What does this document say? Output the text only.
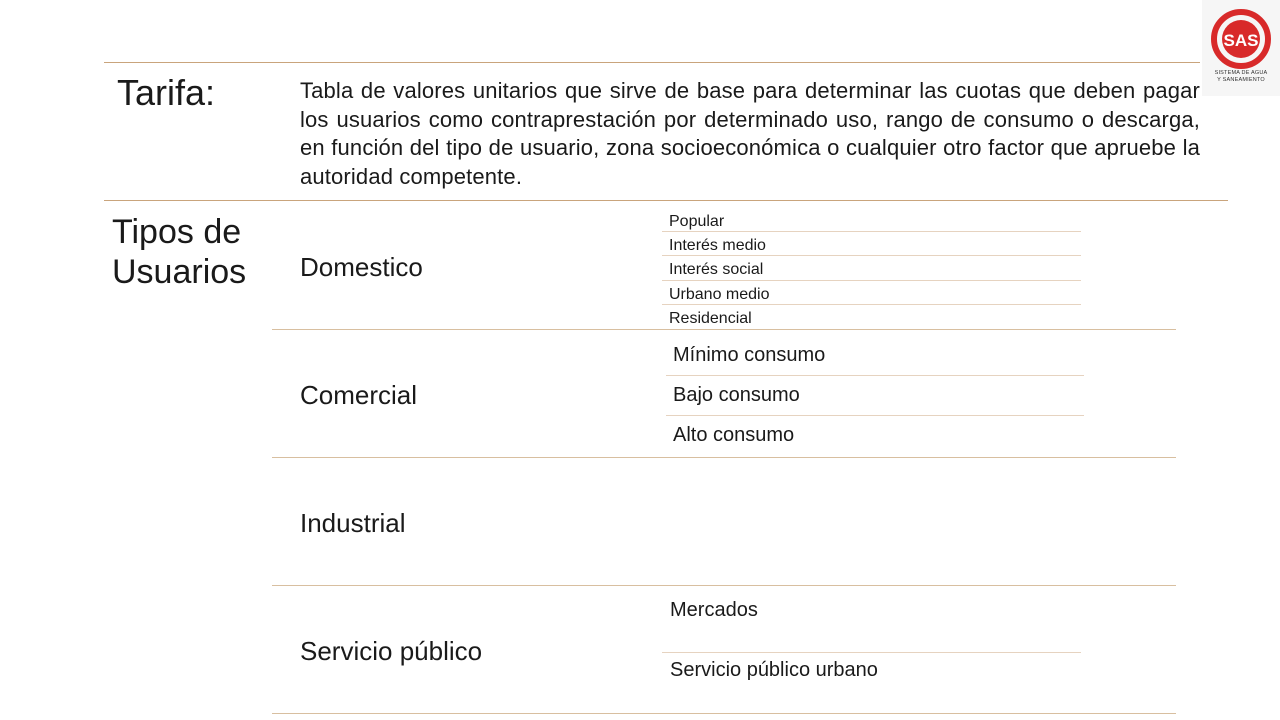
SAS
SISTEMA DE AGUA
Y SANEAMIENTO
Tarifa:	Tabla de valores unitarios que sirve de base para determinar las cuotas que deben pagar los usuarios como contraprestación por determinado uso, rango de consumo o descarga, en función del tipo de usuario, zona socioeconómica o cualquier otro factor que apruebe la autoridad competente.
Tipos de Usuarios	Domestico
Popular
Interés medio
Interés social
Urbano medio
Residencial
Comercial
Mínimo consumo
Bajo consumo
Alto consumo
Industrial
Servicio público
Mercados
Servicio público urbano
